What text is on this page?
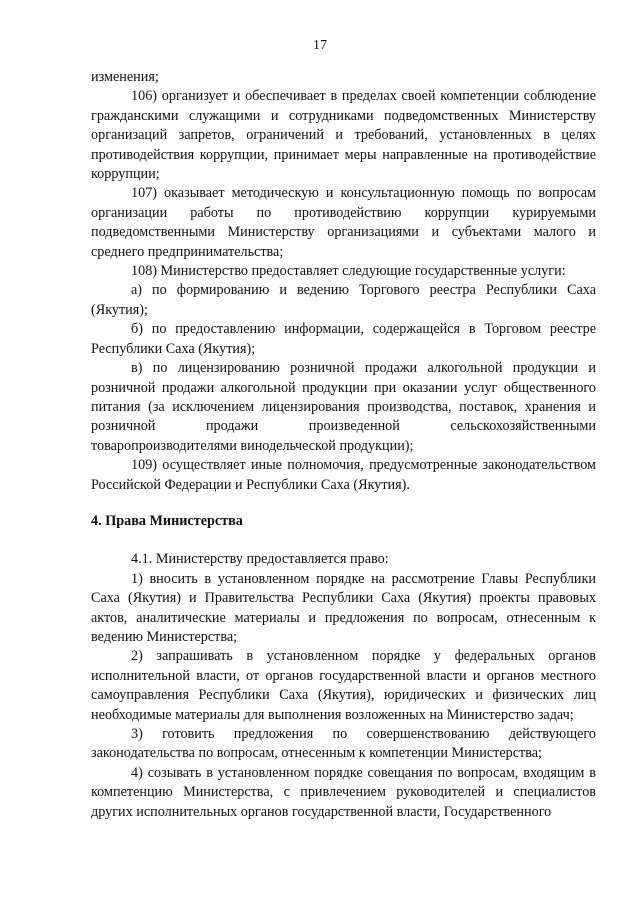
17

изменения;

106) организует и обеспечивает в пределах своей компетенции соблюдение гражданскими служащими и сотрудниками подведомственных Министерству организаций запретов, ограничений и требований, установленных в целях противодействия коррупции, принимает меры направленные на противодействие коррупции;

107) оказывает методическую и консультационную помощь по вопросам организации работы по противодействию коррупции курируемыми подведомственными Министерству организациями и субъектами малого и среднего предпринимательства;

108) Министерство предоставляет следующие государственные услуги:

а) по формированию и ведению Торгового реестра Республики Саха (Якутия);

б) по предоставлению информации, содержащейся в Торговом реестре Республики Саха (Якутия);

в) по лицензированию розничной продажи алкогольной продукции и розничной продажи алкогольной продукции при оказании услуг общественного питания (за исключением лицензирования производства, поставок, хранения и розничной продажи произведенной сельскохозяйственными товаропроизводителями винодельческой продукции);

109) осуществляет иные полномочия, предусмотренные законодательством Российской Федерации и Республики Саха (Якутия).

4. Права Министерства

4.1. Министерству предоставляется право:

1) вносить в установленном порядке на рассмотрение Главы Республики Саха (Якутия) и Правительства Республики Саха (Якутия) проекты правовых актов, аналитические материалы и предложения по вопросам, отнесенным к ведению Министерства;

2) запрашивать в установленном порядке у федеральных органов исполнительной власти, от органов государственной власти и органов местного самоуправления Республики Саха (Якутия), юридических и физических лиц необходимые материалы для выполнения возложенных на Министерство задач;

3) готовить предложения по совершенствованию действующего законодательства по вопросам, отнесенным к компетенции Министерства;

4) созывать в установленном порядке совещания по вопросам, входящим в компетенцию Министерства, с привлечением руководителей и специалистов других исполнительных органов государственной власти, Государственного
